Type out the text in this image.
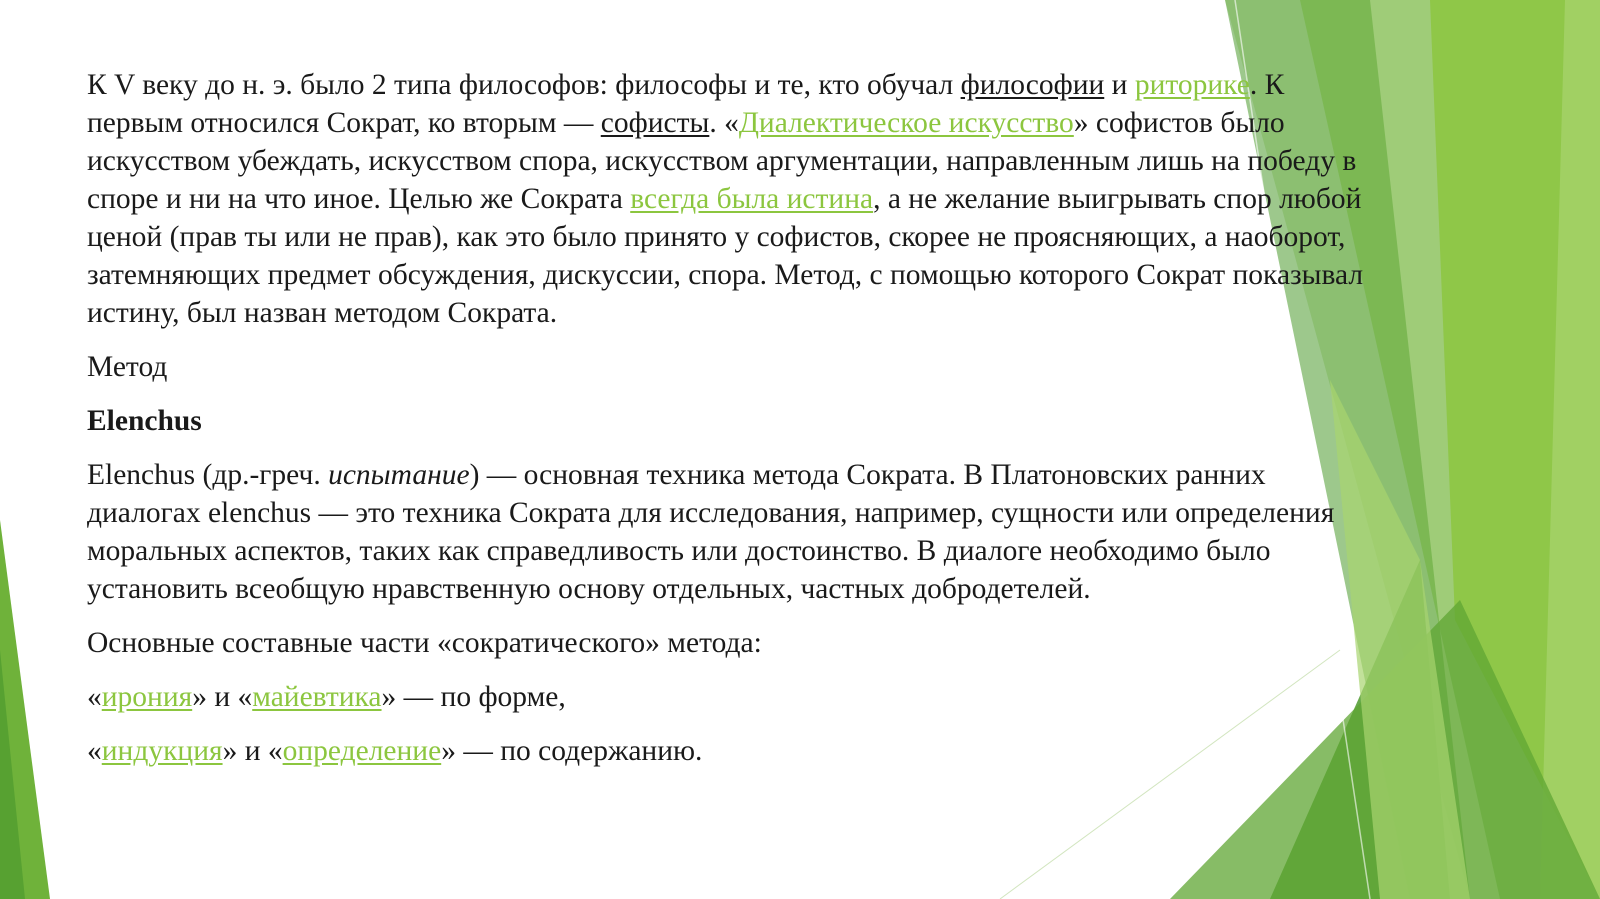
К V веку до н. э. было 2 типа философов: философы и те, кто обучал философии и риторике. К первым относился Сократ, ко вторым — софисты. «Диалектическое искусство» софистов было искусством убеждать, искусством спора, искусством аргументации, направленным лишь на победу в споре и ни на что иное. Целью же Сократа всегда была истина, а не желание выигрывать спор любой ценой (прав ты или не прав), как это было принято у софистов, скорее не проясняющих, а наоборот, затемняющих предмет обсуждения, дискуссии, спора. Метод, с помощью которого Сократ показывал истину, был назван методом Сократа.

Метод

Elenchus

Elenchus (др.-греч. испытание) — основная техника метода Сократа. В Платоновских ранних диалогах elenchus — это техника Сократа для исследования, например, сущности или определения моральных аспектов, таких как справедливость или достоинство. В диалоге необходимо было установить всеобщую нравственную основу отдельных, частных добродетелей.

Основные составные части «сократического» метода:

«ирония» и «майевтика» — по форме,

«индукция» и «определение» — по содержанию.
